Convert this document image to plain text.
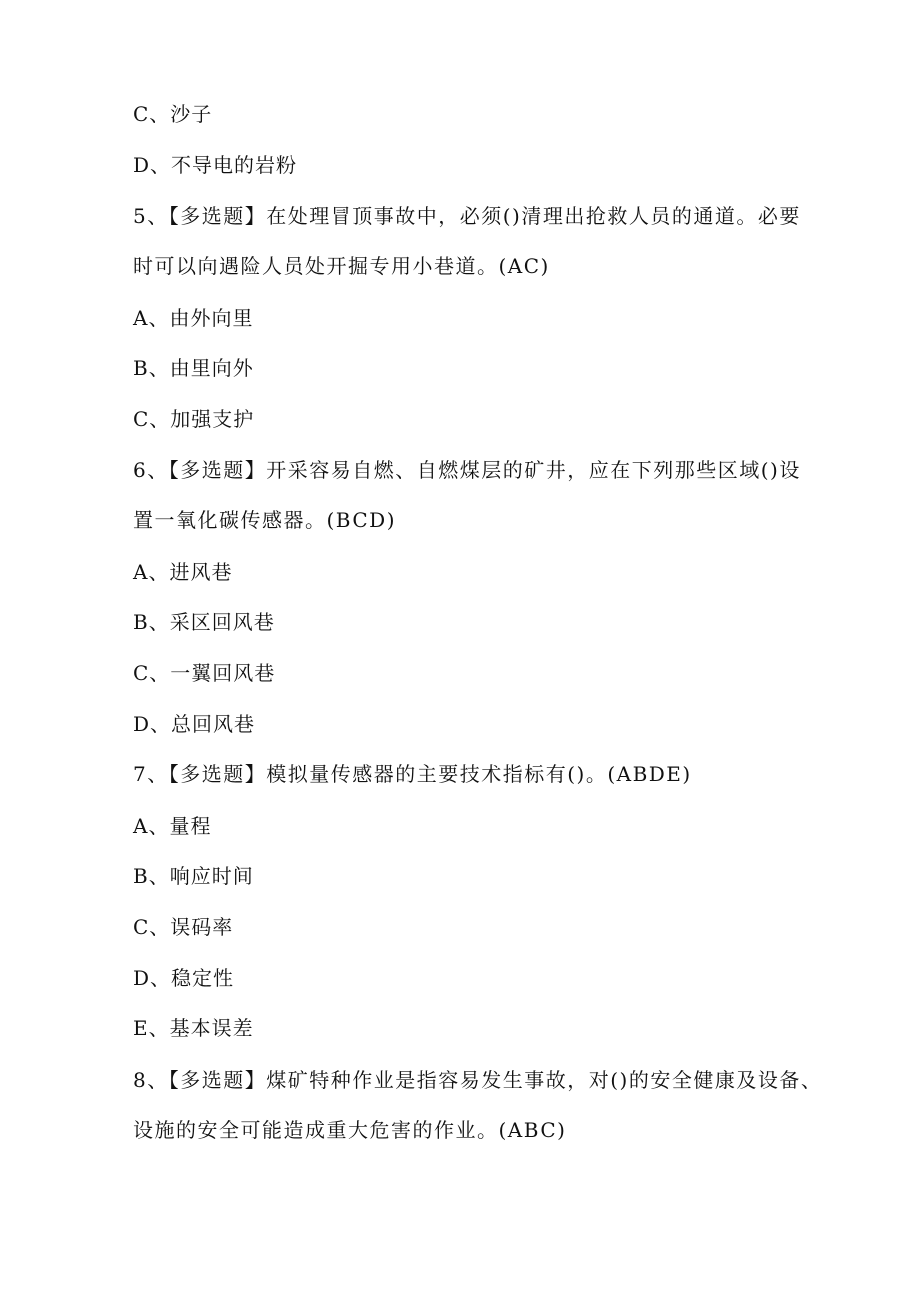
C、沙子
D、不导电的岩粉
5、【多选题】在处理冒顶事故中，必须()清理出抢救人员的通道。必要
时可以向遇险人员处开掘专用小巷道。(AC)
A、由外向里
B、由里向外
C、加强支护
6、【多选题】开采容易自燃、自燃煤层的矿井，应在下列那些区域()设
置一氧化碳传感器。(BCD)
A、进风巷
B、采区回风巷
C、一翼回风巷
D、总回风巷
7、【多选题】模拟量传感器的主要技术指标有()。(ABDE)
A、量程
B、响应时间
C、误码率
D、稳定性
E、基本误差
8、【多选题】煤矿特种作业是指容易发生事故，对()的安全健康及设备、
设施的安全可能造成重大危害的作业。(ABC)
